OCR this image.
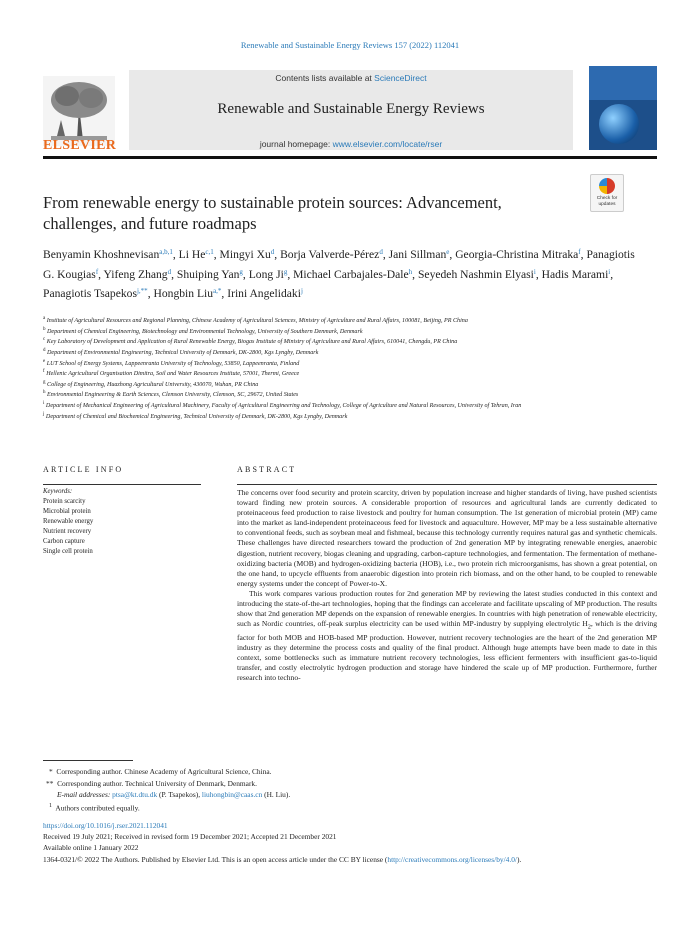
Renewable and Sustainable Energy Reviews 157 (2022) 112041
ELSEVIER
Contents lists available at ScienceDirect
Renewable and Sustainable Energy Reviews
journal homepage: www.elsevier.com/locate/rser
From renewable energy to sustainable protein sources: Advancement, challenges, and future roadmaps
Check for
updates
Benyamin Khoshnevisan$^{a,b,1}$, Li He$^{c,1}$, Mingyi Xu$^d$, Borja Valverde-Pérez$^d$, Jani Sillman$^e$, Georgia-Christina Mitraka$^f$, Panagiotis G. Kougias$^f$, Yifeng Zhang$^d$, Shuiping Yan$^g$, Long Ji$^g$, Michael Carbajales-Dale$^h$, Seyedeh Nashmin Elyasi$^i$, Hadis Marami$^i$, Panagiotis Tsapekos$^{j,**}$, Hongbin Liu$^{a,*}$, Irini Angelidaki$^j$
$^a$ Institute of Agricultural Resources and Regional Planning, Chinese Academy of Agricultural Sciences, Ministry of Agriculture and Rural Affairs, 100081, Beijing, PR China
$^b$ Department of Chemical Engineering, Biotechnology and Environmental Technology, University of Southern Denmark, Denmark
$^c$ Key Laboratory of Development and Application of Rural Renewable Energy, Biogas Institute of Ministry of Agriculture and Rural Affairs, 610041, Chengdu, PR China
$^d$ Department of Environmental Engineering, Technical University of Denmark, DK-2800, Kgs Lyngby, Denmark
$^e$ LUT School of Energy Systems, Lappeenranta University of Technology, 53850, Lappeenranta, Finland
$^f$ Hellenic Agricultural Organisation Dimitra, Soil and Water Resources Institute, 57001, Thermi, Greece
$^g$ College of Engineering, Huazhong Agricultural University, 430070, Wuhan, PR China
$^h$ Environmental Engineering & Earth Sciences, Clemson University, Clemson, SC, 29672, United States
$^i$ Department of Mechanical Engineering of Agricultural Machinery, Faculty of Agricultural Engineering and Technology, College of Agriculture and Natural Resources, University of Tehran, Iran
$^j$ Department of Chemical and Biochemical Engineering, Technical University of Denmark, DK-2800, Kgs Lyngby, Denmark
ARTICLE INFO	ABSTRACT
Keywords:
Protein scarcity
Microbial protein
Renewable energy
Nutrient recovery
Carbon capture
Single cell protein

The concerns over food security and protein scarcity, driven by population increase and higher standards of living, have pushed scientists toward finding new protein sources. A considerable proportion of resources and agricultural lands are currently dedicated to proteinaceous feed production to raise livestock and poultry for human consumption. The 1st generation of microbial protein (MP) came into the market as land-independent proteinaceous feed for livestock and aquaculture. However, MP may be a less sustainable alternative to conventional feeds, such as soybean meal and fishmeal, because this technology currently requires natural gas and synthetic chemicals. These challenges have directed researchers toward the production of 2nd generation MP by integrating renewable energies, anaerobic digestion, nutrient recovery, biogas cleaning and upgrading, carbon-capture technologies, and fermentation. The fermentation of methane-oxidizing bacteria (MOB) and hydrogen-oxidizing bacteria (HOB), i.e., two protein rich microorganisms, has shown a great potential, on the one hand, to upcycle effluents from anaerobic digestion into protein rich biomass, and on the other hand, to be coupled to renewable energy systems under the concept of Power-to-X.

This work compares various production routes for 2nd generation MP by reviewing the latest studies conducted in this context and introducing the state-of-the-art technologies, hoping that the findings can accelerate and facilitate upscaling of MP production. The results show that 2nd generation MP depends on the expansion of renewable energies. In countries with high penetration of renewable electricity, such as Nordic countries, off-peak surplus electricity can be used within MP-industry by supplying electrolytic $H_2$, which is the driving factor for both MOB and HOB-based MP production. However, nutrient recovery technologies are the heart of the 2nd generation MP industry as they determine the process costs and quality of the final product. Although huge attempts have been made to date in this context, some bottlenecks such as immature nutrient recovery technologies, less efficient fermenters with insufficient gas-to-liquid transfer, and costly electrolytic hydrogen production and storage have hindered the scale up of MP production. Furthermore, further research into techno-

* Corresponding author. Chinese Academy of Agricultural Science, China.
** Corresponding author. Technical University of Denmark, Denmark.
E-mail addresses: ptsa@kt.dtu.dk (P. Tsapekos), liuhongbin@caas.cn (H. Liu).
$^1$ Authors contributed equally.
https://doi.org/10.1016/j.rser.2021.112041
Received 19 July 2021; Received in revised form 19 December 2021; Accepted 21 December 2021
Available online 1 January 2022
1364-0321/© 2022 The Authors. Published by Elsevier Ltd. This is an open access article under the CC BY license (http://creativecommons.org/licenses/by/4.0/).
